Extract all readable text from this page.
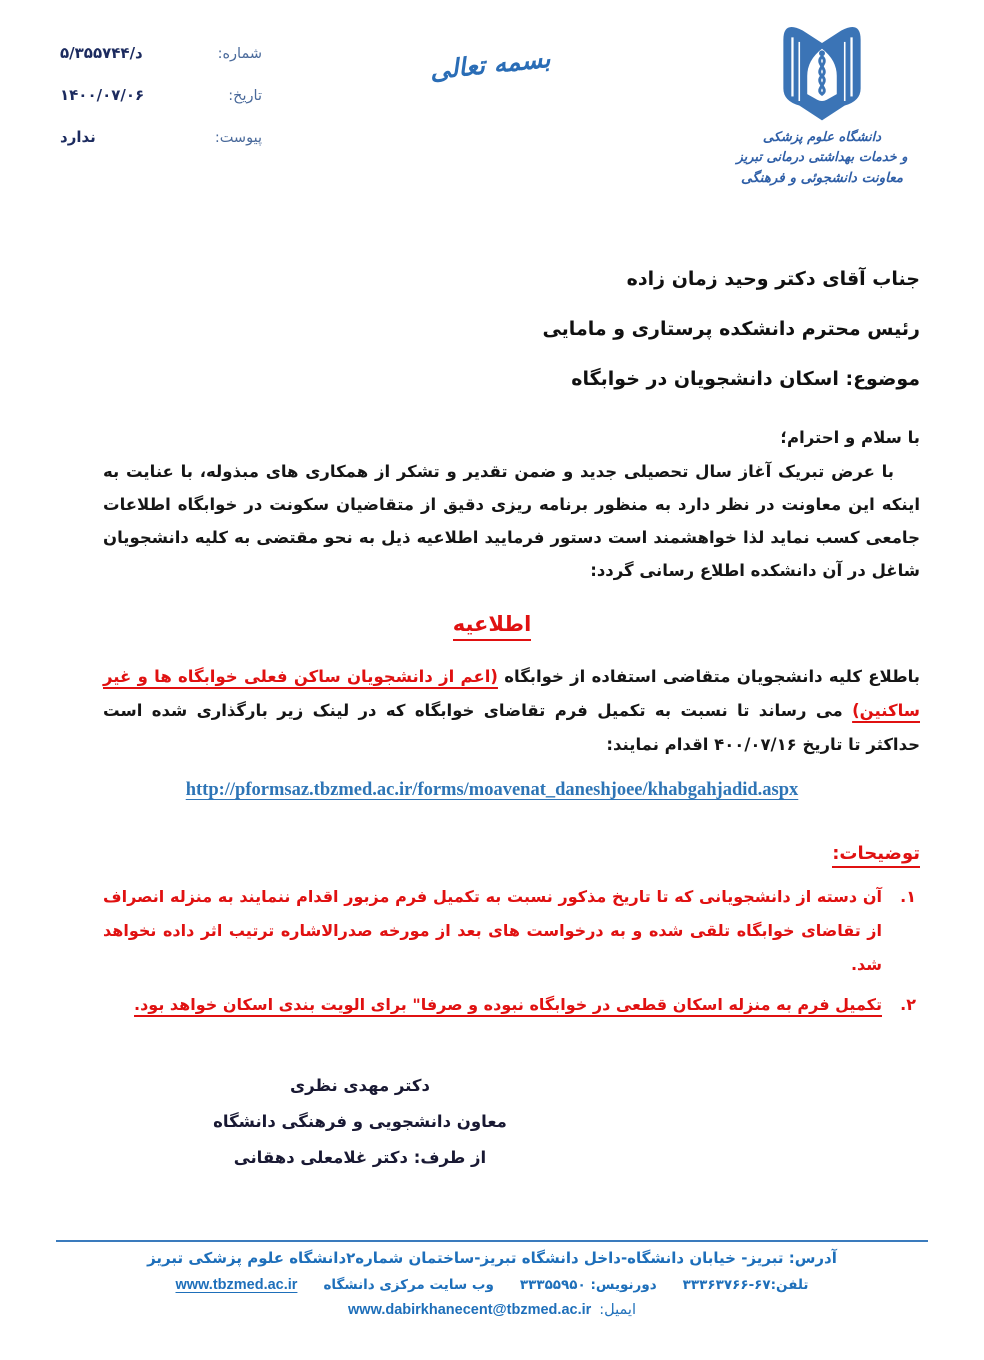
۵/د/۳۵۵۷۴۴	شماره:
۱۴۰۰/۰۷/۰۶	تاریخ:
ندارد	پیوست:
بسمه تعالی
دانشگاه علوم پزشکی
و خدمات بهداشتی درمانی تبریز
معاونت دانشجوئی و فرهنگی
جناب آقای دکتر وحید زمان زاده
رئیس محترم دانشکده پرستاری و مامایی
موضوع: اسکان دانشجویان در خوابگاه
با سلام و احترام؛
با عرض تبریک آغاز سال تحصیلی جدید و ضمن تقدیر و تشکر از همکاری های مبذوله، با عنایت به اینکه این معاونت در نظر دارد به منظور برنامه ریزی دقیق از متقاضیان سکونت در خوابگاه اطلاعات جامعی کسب نماید لذا خواهشمند است دستور فرمایید اطلاعیه ذیل به نحو مقتضی به کلیه دانشجویان شاغل در آن دانشکده اطلاع رسانی گردد:
اطلاعیه
باطلاع کلیه دانشجویان متقاضی استفاده از خوابگاه (اعم از دانشجویان ساکن فعلی خوابگاه ها و غیر ساکنین) می رساند تا نسبت به تکمیل فرم تقاضای خوابگاه که در لینک زیر بارگذاری شده است حداکثر تا تاریخ ۴۰۰/۰۷/۱۶ اقدام نمایند:
http://pformsaz.tbzmed.ac.ir/forms/moavenat_daneshjoee/khabgahjadid.aspx
توضیحات:
۱.
آن دسته از دانشجویانی که تا تاریخ مذکور نسبت به تکمیل فرم مزبور اقدام ننمایند به منزله انصراف از تقاضای خوابگاه تلقی شده و به درخواست های بعد از مورخه صدرالاشاره ترتیب اثر داده نخواهد شد.
۲.
تکمیل فرم به منزله اسکان قطعی در خوابگاه نبوده و صرفا" برای الویت بندی اسکان خواهد بود.
دکتر مهدی نظری
معاون دانشجویی و فرهنگی دانشگاه
از طرف: دکتر غلامعلی دهقانی
آدرس: تبریز- خیابان دانشگاه-داخل دانشگاه تبریز-ساختمان شماره۲دانشگاه علوم پزشکی تبریز
تلفن:۶۷-۳۳۳۶۳۷۶۶
دورنویس: ۳۳۳۵۵۹۵۰
وب سایت مرکزی دانشگاه
www.tbzmed.ac.ir
ایمیل:
www.dabirkhanecent@tbzmed.ac.ir
